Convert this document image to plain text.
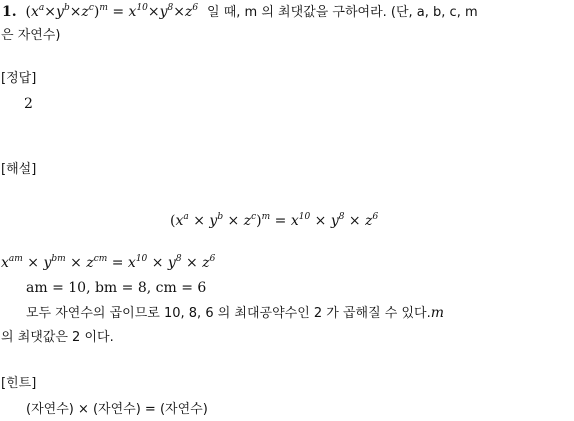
1.  $(x^a\times y^b\times z^c)^m = x^{10}\times y^8\times z^6$ 일 때, m 의 최댓값을 구하여라. (단, a, b, c, m
은 자연수)
[정답]
2
[해설]
$(x^a \times y^b \times z^c)^m = x^{10} \times y^8 \times z^6$
$x^{am} \times y^{bm} \times z^{cm} = x^{10} \times y^8 \times z^6$
am = 10, bm = 8, cm = 6
모두 자연수의 곱이므로 10, 8, 6 의 최대공약수인 2 가 곱해질 수 있다.m
의 최댓값은 2 이다.
[힌트]
(자연수) × (자연수) = (자연수)
